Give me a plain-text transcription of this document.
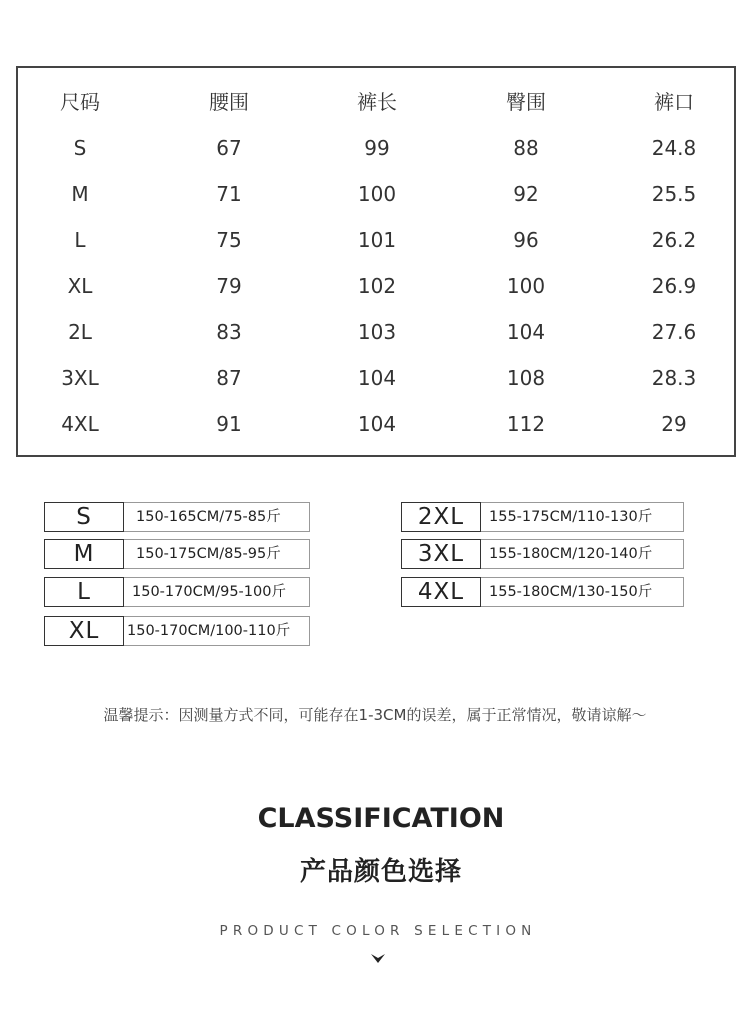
尺码	腰围	裤长	臀围	裤口
S	67	99	88	24.8
M	71	100	92	25.5
L	75	101	96	26.2
XL	79	102	100	26.9
2L	83	103	104	27.6
3XL	87	104	108	28.3
4XL	91	104	112	29
S	150-165CM/75-85斤
M	150-175CM/85-95斤
L	150-170CM/95-100斤
XL	150-170CM/100-110斤
2XL	155-175CM/110-130斤
3XL	155-180CM/120-140斤
4XL	155-180CM/130-150斤
温馨提示：因测量方式不同，可能存在1-3CM的误差，属于正常情况，敬请谅解～
CLASSIFICATION
产品颜色选择
PRODUCT COLOR SELECTION
